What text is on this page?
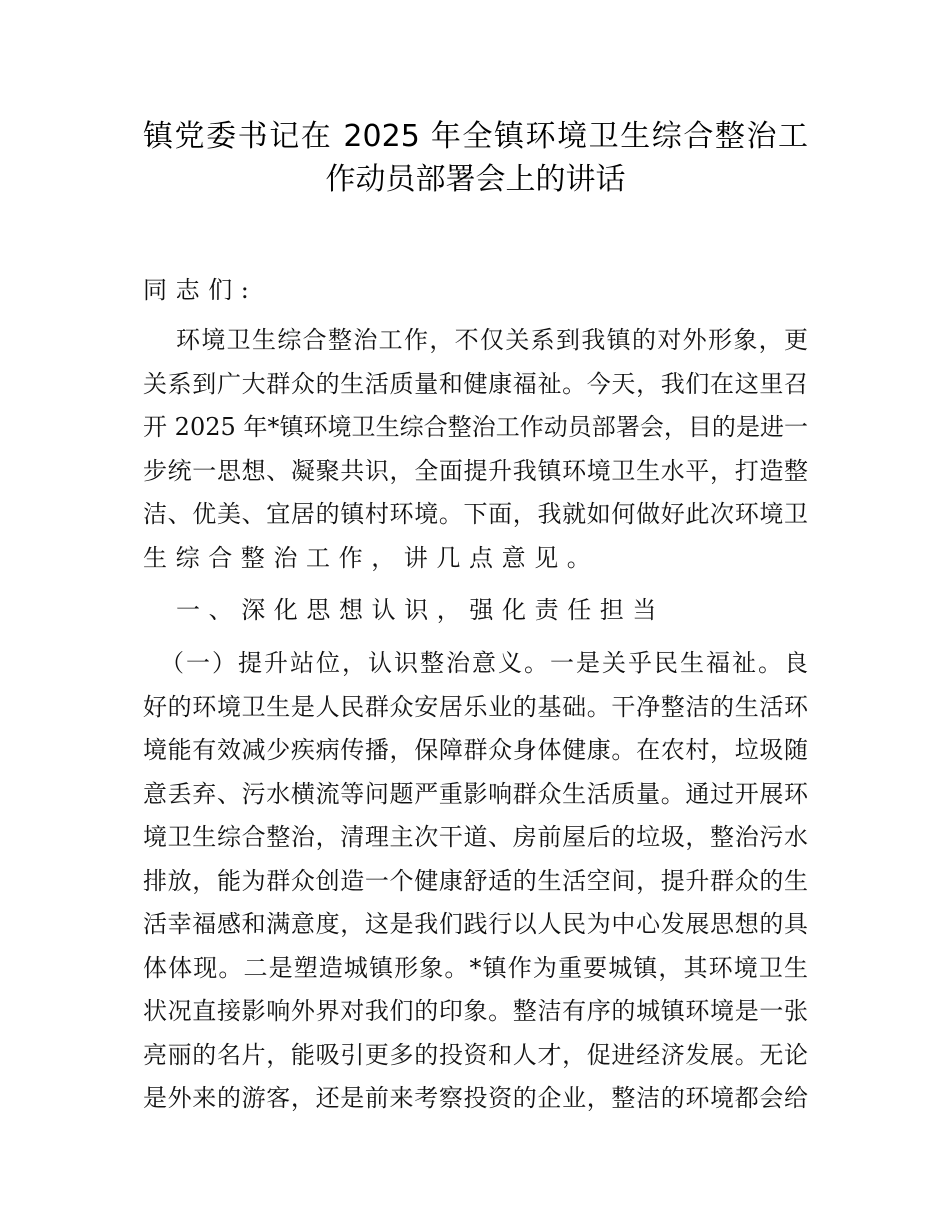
镇党委书记在 2025 年全镇环境卫生综合整治工
作动员部署会上的讲话
同志们:
环境卫生综合整治工作，不仅关系到我镇的对外形象，更
关系到广大群众的生活质量和健康福祉。今天，我们在这里召
开 2025 年*镇环境卫生综合整治工作动员部署会，目的是进一
步统一思想、凝聚共识，全面提升我镇环境卫生水平，打造整
洁、优美、宜居的镇村环境。下面，我就如何做好此次环境卫
生综合整治工作，讲几点意见。
一、深化思想认识，强化责任担当
（一）提升站位，认识整治意义。一是关乎民生福祉。良
好的环境卫生是人民群众安居乐业的基础。干净整洁的生活环
境能有效减少疾病传播，保障群众身体健康。在农村，垃圾随
意丢弃、污水横流等问题严重影响群众生活质量。通过开展环
境卫生综合整治，清理主次干道、房前屋后的垃圾，整治污水
排放，能为群众创造一个健康舒适的生活空间，提升群众的生
活幸福感和满意度，这是我们践行以人民为中心发展思想的具
体体现。二是塑造城镇形象。*镇作为重要城镇，其环境卫生
状况直接影响外界对我们的印象。整洁有序的城镇环境是一张
亮丽的名片，能吸引更多的投资和人才，促进经济发展。无论
是外来的游客，还是前来考察投资的企业，整洁的环境都会给
